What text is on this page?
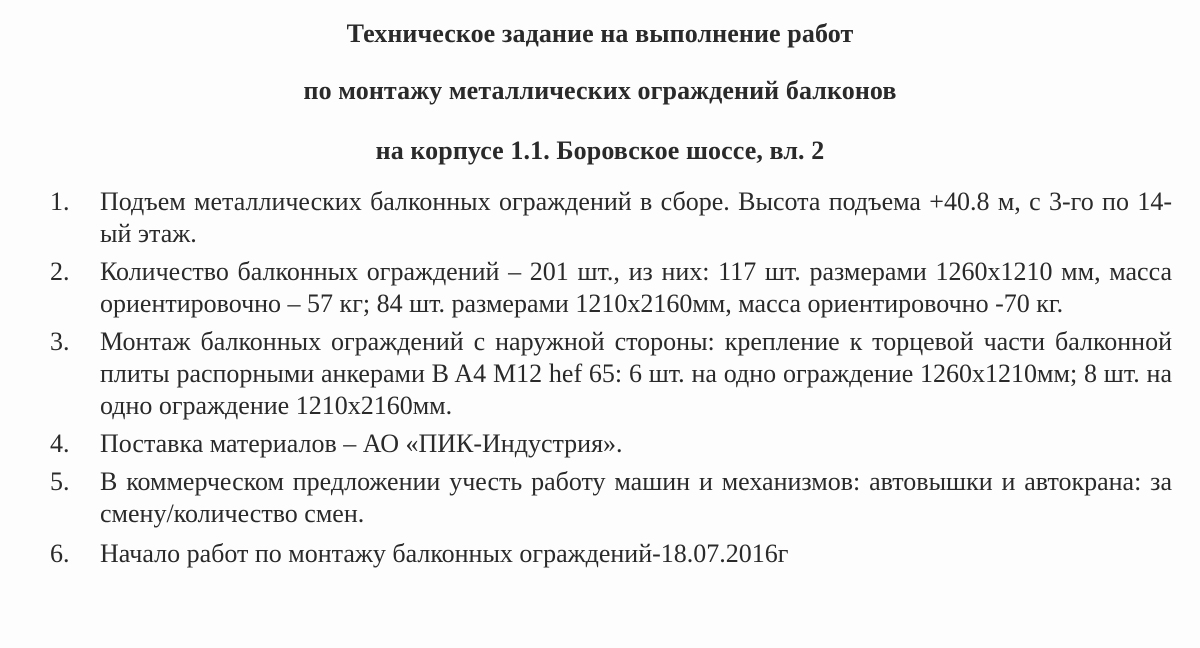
Техническое задание на выполнение работ
по монтажу металлических ограждений балконов
на корпусе 1.1. Боровское шоссе, вл. 2
1. Подъем металлических балконных ограждений в сборе. Высота подъема +40.8 м, с 3-го по 14-ый этаж.
2. Количество балконных ограждений – 201 шт., из них: 117 шт. размерами 1260х1210 мм, масса ориентировочно – 57 кг; 84 шт. размерами 1210х2160мм, масса ориентировочно -70 кг.
3. Монтаж балконных ограждений с наружной стороны: крепление к торцевой части балконной плиты распорными анкерами B A4 M12 hef 65: 6 шт. на одно ограждение 1260х1210мм; 8 шт. на одно ограждение 1210х2160мм.
4. Поставка материалов – АО «ПИК-Индустрия».
5. В коммерческом предложении учесть работу машин и механизмов: автовышки и автокрана: за смену/количество смен.
6. Начало работ по монтажу балконных ограждений-18.07.2016г
